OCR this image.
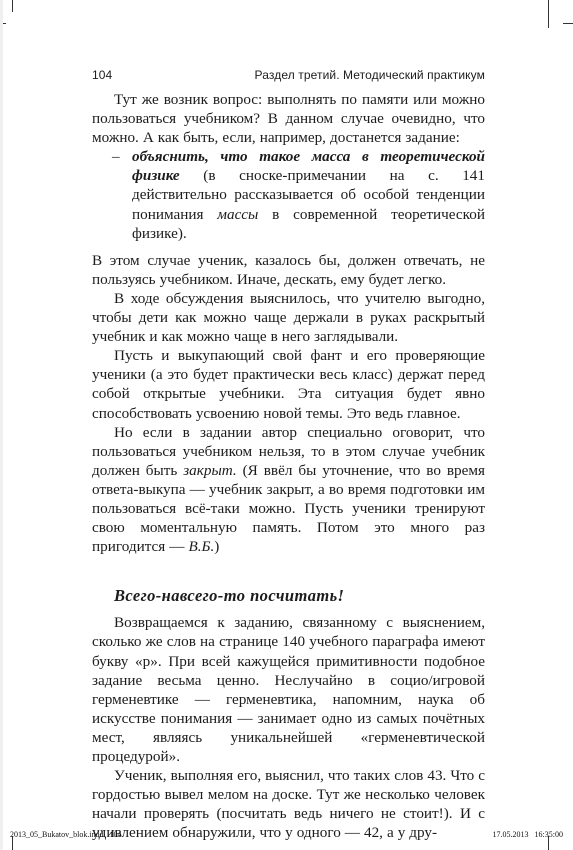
104	Раздел третий. Методический практикум

Тут же возник вопрос: выполнять по памяти или можно пользоваться учебником? В данном случае очевидно, что можно. А как быть, если, например, достанется задание:

– объяснить, что такое масса в теоретической физике (в сноске-примечании на с. 141 действительно рассказывается об особой тенденции понимания массы в современной теоретической физике).

В этом случае ученик, казалось бы, должен отвечать, не пользуясь учебником. Иначе, дескать, ему будет легко.

В ходе обсуждения выяснилось, что учителю выгодно, чтобы дети как можно чаще держали в руках раскрытый учебник и как можно чаще в него заглядывали.

Пусть и выкупающий свой фант и его проверяющие ученики (а это будет практически весь класс) держат перед собой открытые учебники. Эта ситуация будет явно способствовать усвоению новой темы. Это ведь главное.

Но если в задании автор специально оговорит, что пользоваться учебником нельзя, то в этом случае учебник должен быть закрыт. (Я ввёл бы уточнение, что во время ответа-выкупа — учебник закрыт, а во время подготовки им пользоваться всё-таки можно. Пусть ученики тренируют свою моментальную память. Потом это много раз пригодится — В.Б.)

Всего-навсего-то посчитать!

Возвращаемся к заданию, связанному с выяснением, сколько же слов на странице 140 учебного параграфа имеют букву «р». При всей кажущейся примитивности подобное задание весьма ценно. Неслучайно в социо/игровой герменевтике — герменевтика, напомним, наука об искусстве понимания — занимает одно из самых почётных мест, являясь уникальнейшей «герменевтической процедурой».

Ученик, выполняя его, выяснил, что таких слов 43. Что с гордостью вывел мелом на доске. Тут же несколько человек начали проверять (посчитать ведь ничего не стоит!). И с удивлением обнаружили, что у одного — 42, а у дру-

2013_05_Bukatov_blok.indd   104	17.05.2013   16:35:00
